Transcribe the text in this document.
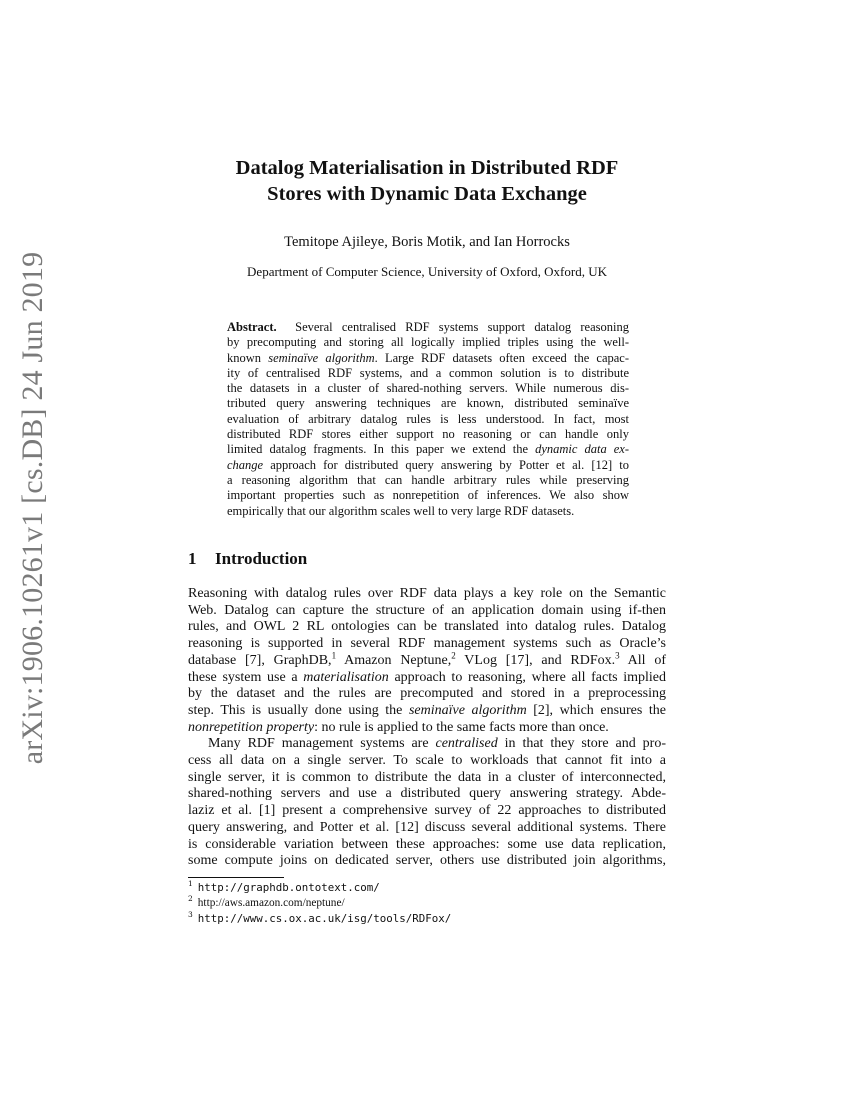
arXiv:1906.10261v1 [cs.DB] 24 Jun 2019
Datalog Materialisation in Distributed RDF
Stores with Dynamic Data Exchange
Temitope Ajileye, Boris Motik, and Ian Horrocks
Department of Computer Science, University of Oxford, Oxford, UK
Abstract. Several centralised RDF systems support datalog reasoning
by precomputing and storing all logically implied triples using the well-
known seminaïve algorithm. Large RDF datasets often exceed the capac-
ity of centralised RDF systems, and a common solution is to distribute
the datasets in a cluster of shared-nothing servers. While numerous dis-
tributed query answering techniques are known, distributed seminaïve
evaluation of arbitrary datalog rules is less understood. In fact, most
distributed RDF stores either support no reasoning or can handle only
limited datalog fragments. In this paper we extend the dynamic data ex-
change approach for distributed query answering by Potter et al. [12] to
a reasoning algorithm that can handle arbitrary rules while preserving
important properties such as nonrepetition of inferences. We also show
empirically that our algorithm scales well to very large RDF datasets.
1 Introduction
Reasoning with datalog rules over RDF data plays a key role on the Semantic
Web. Datalog can capture the structure of an application domain using if-then
rules, and OWL 2 RL ontologies can be translated into datalog rules. Datalog
reasoning is supported in several RDF management systems such as Oracle’s
database [7], GraphDB,$^1$ Amazon Neptune,$^2$ VLog [17], and RDFox.$^3$ All of
these system use a materialisation approach to reasoning, where all facts implied
by the dataset and the rules are precomputed and stored in a preprocessing
step. This is usually done using the seminaïve algorithm [2], which ensures the
nonrepetition property: no rule is applied to the same facts more than once.
Many RDF management systems are centralised in that they store and pro-
cess all data on a single server. To scale to workloads that cannot fit into a
single server, it is common to distribute the data in a cluster of interconnected,
shared-nothing servers and use a distributed query answering strategy. Abde-
laziz et al. [1] present a comprehensive survey of 22 approaches to distributed
query answering, and Potter et al. [12] discuss several additional systems. There
is considerable variation between these approaches: some use data replication,
some compute joins on dedicated server, others use distributed join algorithms,
$^1$ http://graphdb.ontotext.com/
$^2$ http://aws.amazon.com/neptune/
$^3$ http://www.cs.ox.ac.uk/isg/tools/RDFox/
